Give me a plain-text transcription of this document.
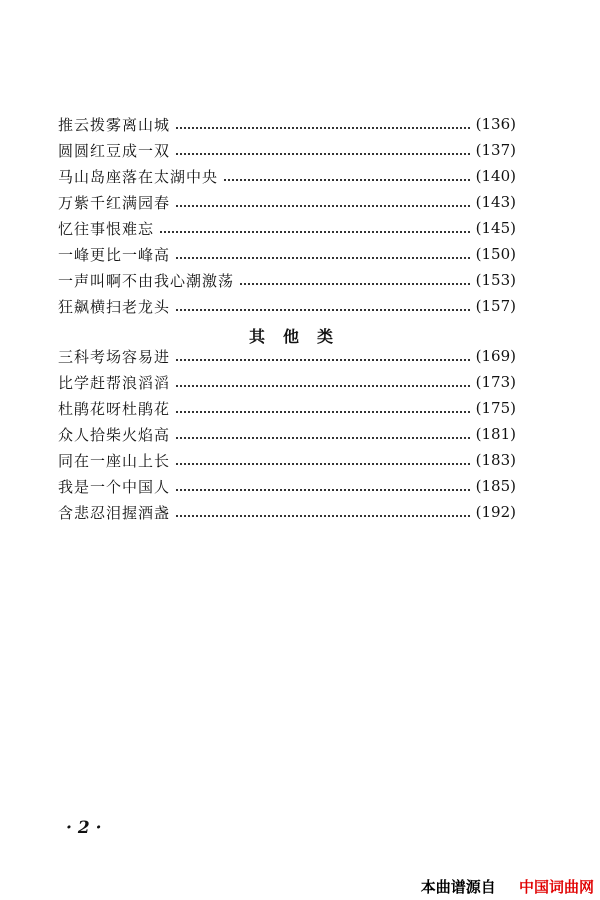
推云拨雾离山城	(136)
圆圆红豆成一双	(137)
马山岛座落在太湖中央	(140)
万紫千红满园春	(143)
忆往事恨难忘	(145)
一峰更比一峰高	(150)
一声叫啊不由我心潮激荡	(153)
狂飙横扫老龙头	(157)
其他类
三科考场容易进	(169)
比学赶帮浪滔滔	(173)
杜鹃花呀杜鹃花	(175)
众人拾柴火焰高	(181)
同在一座山上长	(183)
我是一个中国人	(185)
含悲忍泪握酒盏	(192)
· 2 ·
本曲谱源自 中国词曲网
